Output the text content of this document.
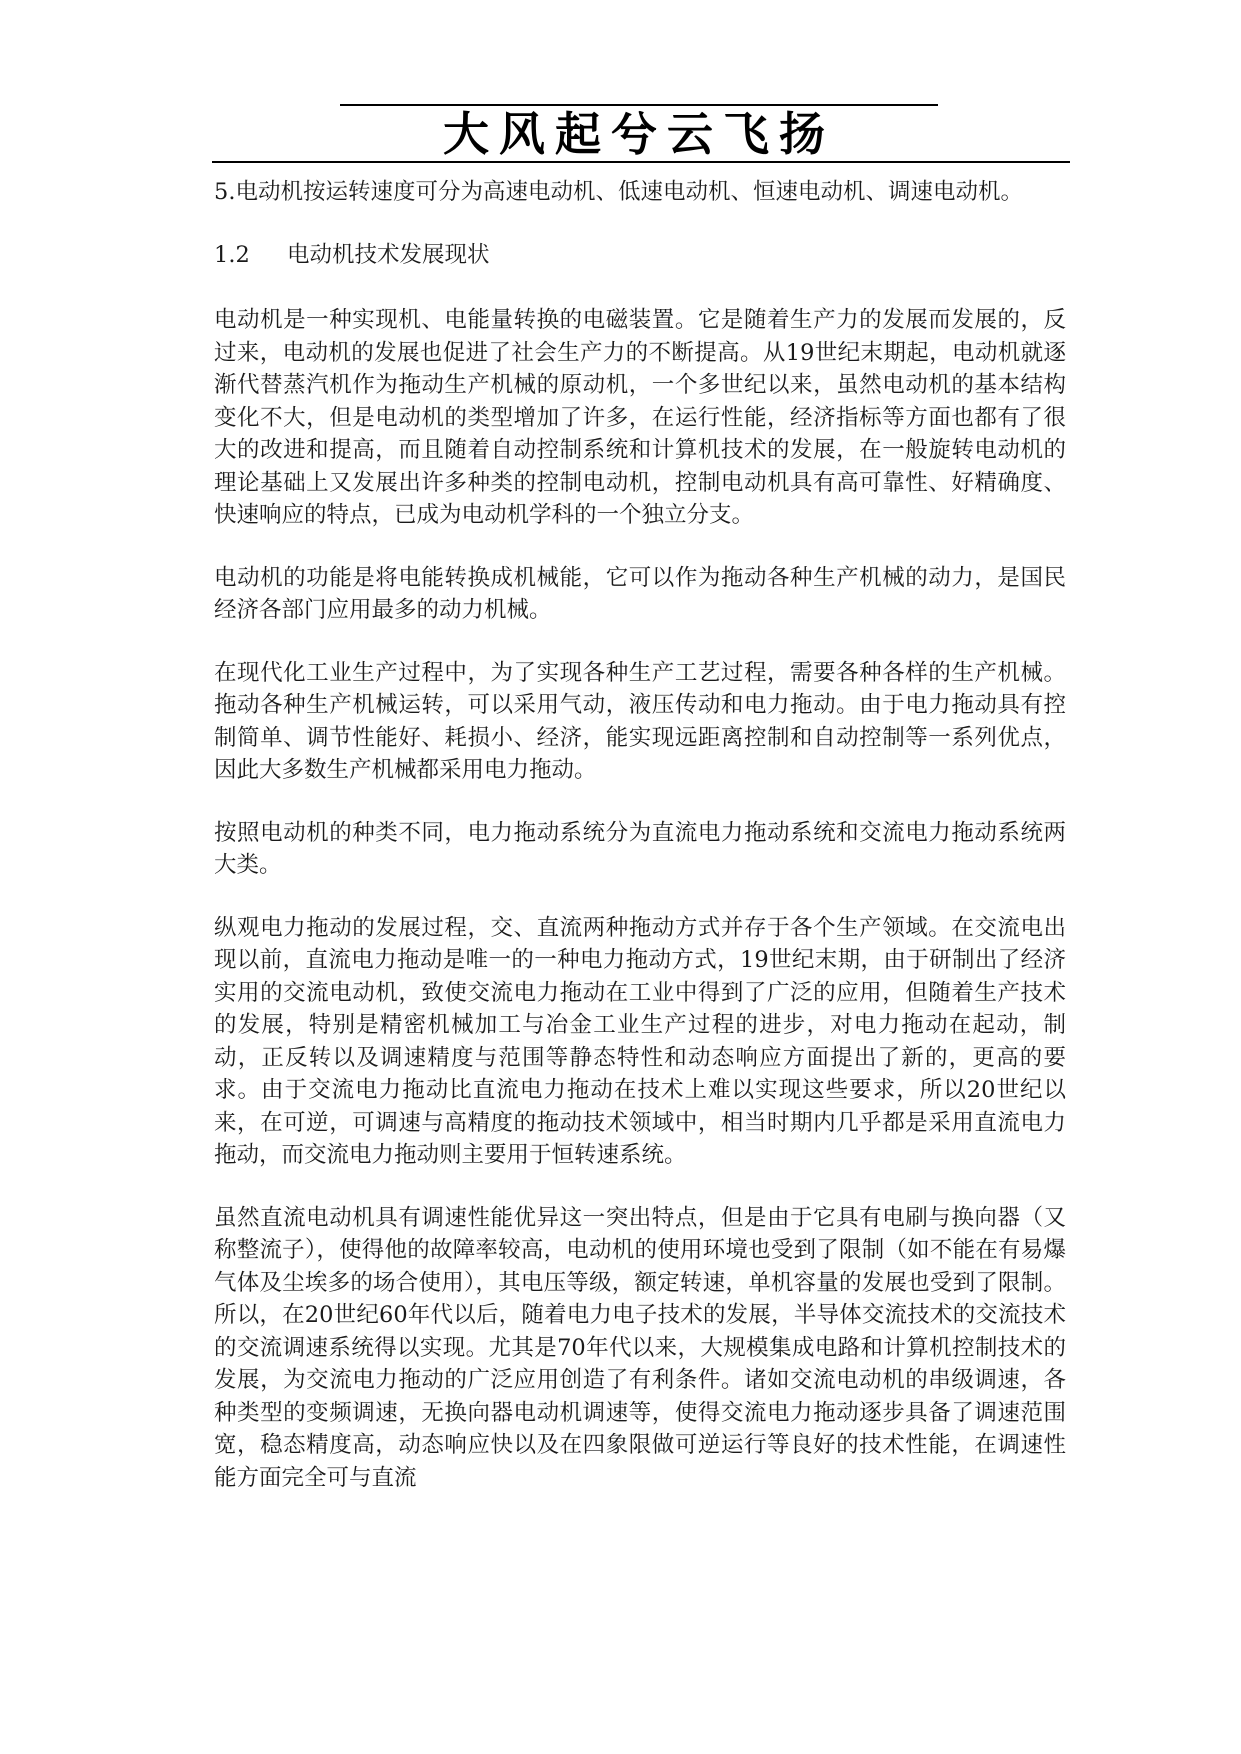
大风起兮云飞扬

5.电动机按运转速度可分为高速电动机、低速电动机、恒速电动机、调速电动机。

1.2 电动机技术发展现状

电动机是一种实现机、电能量转换的电磁装置。它是随着生产力的发展而发展的，反过来，电动机的发展也促进了社会生产力的不断提高。从19世纪末期起，电动机就逐渐代替蒸汽机作为拖动生产机械的原动机，一个多世纪以来，虽然电动机的基本结构变化不大，但是电动机的类型增加了许多，在运行性能，经济指标等方面也都有了很大的改进和提高，而且随着自动控制系统和计算机技术的发展，在一般旋转电动机的理论基础上又发展出许多种类的控制电动机，控制电动机具有高可靠性、好精确度、快速响应的特点，已成为电动机学科的一个独立分支。

电动机的功能是将电能转换成机械能，它可以作为拖动各种生产机械的动力，是国民经济各部门应用最多的动力机械。

在现代化工业生产过程中，为了实现各种生产工艺过程，需要各种各样的生产机械。拖动各种生产机械运转，可以采用气动，液压传动和电力拖动。由于电力拖动具有控制简单、调节性能好、耗损小、经济，能实现远距离控制和自动控制等一系列优点，因此大多数生产机械都采用电力拖动。

按照电动机的种类不同，电力拖动系统分为直流电力拖动系统和交流电力拖动系统两大类。

纵观电力拖动的发展过程，交、直流两种拖动方式并存于各个生产领域。在交流电出现以前，直流电力拖动是唯一的一种电力拖动方式，19世纪末期，由于研制出了经济实用的交流电动机，致使交流电力拖动在工业中得到了广泛的应用，但随着生产技术的发展，特别是精密机械加工与冶金工业生产过程的进步，对电力拖动在起动，制动，正反转以及调速精度与范围等静态特性和动态响应方面提出了新的，更高的要求。由于交流电力拖动比直流电力拖动在技术上难以实现这些要求，所以20世纪以来，在可逆，可调速与高精度的拖动技术领域中，相当时期内几乎都是采用直流电力拖动，而交流电力拖动则主要用于恒转速系统。

虽然直流电动机具有调速性能优异这一突出特点，但是由于它具有电刷与换向器（又称整流子），使得他的故障率较高，电动机的使用环境也受到了限制（如不能在有易爆气体及尘埃多的场合使用），其电压等级，额定转速，单机容量的发展也受到了限制。所以，在20世纪60年代以后，随着电力电子技术的发展，半导体交流技术的交流技术的交流调速系统得以实现。尤其是70年代以来，大规模集成电路和计算机控制技术的发展，为交流电力拖动的广泛应用创造了有利条件。诸如交流电动机的串级调速，各种类型的变频调速，无换向器电动机调速等，使得交流电力拖动逐步具备了调速范围宽，稳态精度高，动态响应快以及在四象限做可逆运行等良好的技术性能，在调速性能方面完全可与直流
